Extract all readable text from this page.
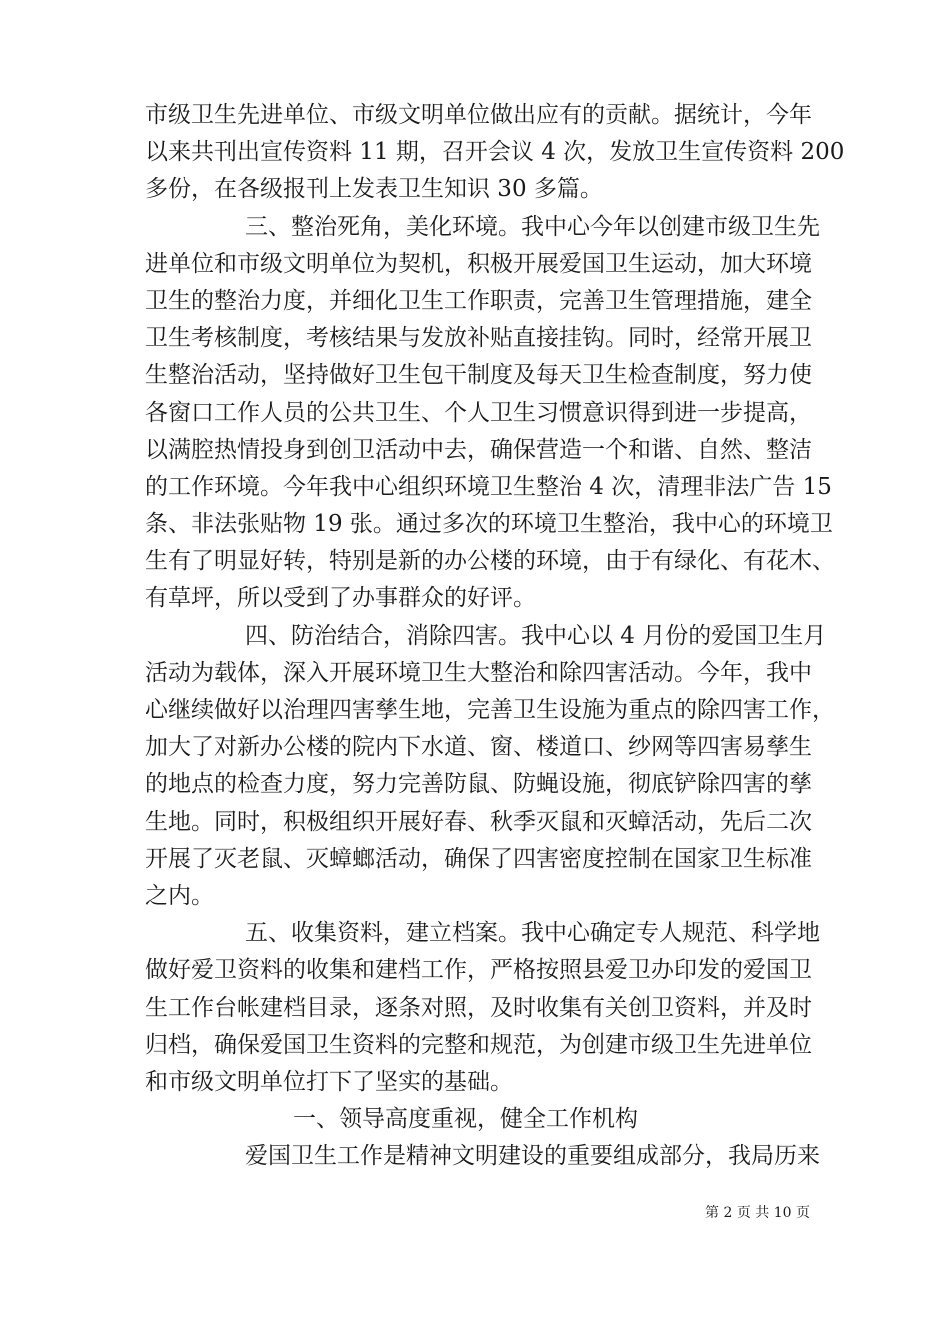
市级卫生先进单位、市级文明单位做出应有的贡献。据统计，今年
以来共刊出宣传资料 11 期，召开会议 4 次，发放卫生宣传资料 200
多份，在各级报刊上发表卫生知识 30 多篇。
三、整治死角，美化环境。我中心今年以创建市级卫生先
进单位和市级文明单位为契机，积极开展爱国卫生运动，加大环境
卫生的整治力度，并细化卫生工作职责，完善卫生管理措施，建全
卫生考核制度，考核结果与发放补贴直接挂钩。同时，经常开展卫
生整治活动，坚持做好卫生包干制度及每天卫生检查制度，努力使
各窗口工作人员的公共卫生、个人卫生习惯意识得到进一步提高，
以满腔热情投身到创卫活动中去，确保营造一个和谐、自然、整洁
的工作环境。今年我中心组织环境卫生整治 4 次，清理非法广告 15
条、非法张贴物 19 张。通过多次的环境卫生整治，我中心的环境卫
生有了明显好转，特别是新的办公楼的环境，由于有绿化、有花木、
有草坪，所以受到了办事群众的好评。
四、防治结合，消除四害。我中心以 4 月份的爱国卫生月
活动为载体，深入开展环境卫生大整治和除四害活动。今年，我中
心继续做好以治理四害孳生地，完善卫生设施为重点的除四害工作，
加大了对新办公楼的院内下水道、窗、楼道口、纱网等四害易孳生
的地点的检查力度，努力完善防鼠、防蝇设施，彻底铲除四害的孳
生地。同时，积极组织开展好春、秋季灭鼠和灭蟑活动，先后二次
开展了灭老鼠、灭蟑螂活动，确保了四害密度控制在国家卫生标准
之内。
五、收集资料，建立档案。我中心确定专人规范、科学地
做好爱卫资料的收集和建档工作，严格按照县爱卫办印发的爱国卫
生工作台帐建档目录，逐条对照，及时收集有关创卫资料，并及时
归档，确保爱国卫生资料的完整和规范，为创建市级卫生先进单位
和市级文明单位打下了坚实的基础。
一、领导高度重视，健全工作机构
爱国卫生工作是精神文明建设的重要组成部分，我局历来
第 2 页 共 10 页
